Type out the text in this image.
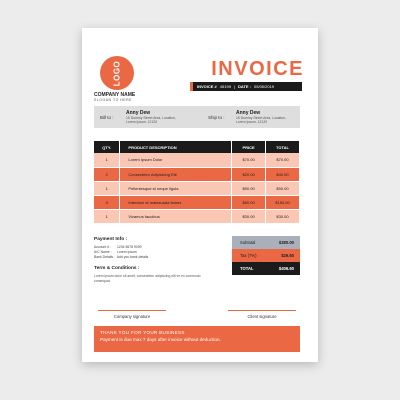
LOGO
COMPANY NAME
SLOGAN TO HERE
INVOICE
INVOICE # 45199 | DATE : 05/05/2019
Bill to :
Anny Dew
15 Dummy Street Area, Location, Lorem Ipsum, 12120
Ship to :
Anny Dew
15 Dummy Street Area, Location, Lorem Ipsum, 12120
QTY.	PRODUCT DESCRIPTION	PRICE	TOTAL
1	Lorem Ipsum Dolor	$70.00	$70.00
2	Consectetur Adipisicing Elit	$20.00	$40.00
1	Pellentesque id neque ligula	$90.00	$90.00
3	Interdum et malesuada fames	$50.00	$150.00
1	Vivamus faucibus	$30.00	$30.00
Payment Info :
Account # : 1234 5678 9099
A/C Name : Lorem Ipsum
Bank Details : Add you bank details
Term & Conditions :
Lorem ipsum dolor sit amet, consectetur adipiscing elit ve ex commodo consequat.
Subtotal	$380.00
Tax (7%)	$26.60
TOTAL	$406.60
Company signature	Client signature
THANK YOU FOR YOUR BUSINESS
Payment is due max 7 days after invoice without deduction.
